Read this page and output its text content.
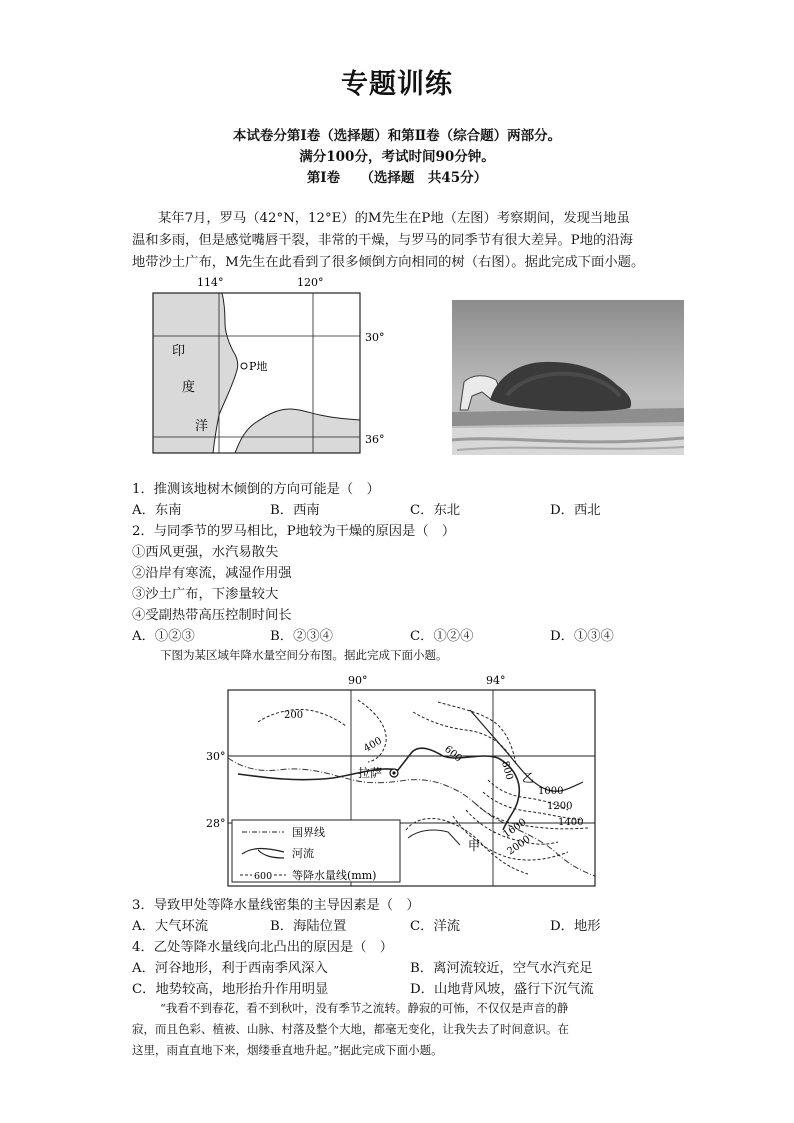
专题训练
本试卷分第Ⅰ卷（选择题）和第Ⅱ卷（综合题）两部分。
满分100分，考试时间90分钟。
第Ⅰ卷　　（选择题　共45分）
某年7月，罗马（42°N，12°E）的M先生在P地（左图）考察期间，发现当地虽
温和多雨，但是感觉嘴唇干裂，非常的干燥，与罗马的同季节有很大差异。P地的沿海
地带沙土广布，M先生在此看到了很多倾倒方向相同的树（右图）。据此完成下面小题。
114°	120°
30°
36°
印
度
洋
P地
1．推测该地树木倾倒的方向可能是（　）
A．东南	B．西南	C．东北	D．西北
2．与同季节的罗马相比，P地较为干燥的原因是（　）
①西风更强，水汽易散失
②沿岸有寒流，减湿作用强
③沙土广布，下渗量较大
④受副热带高压控制时间长
A．①②③	B．②③④	C．①②④	D．①③④
下图为某区域年降水量空间分布图。据此完成下面小题。
90°	94°
30°
28°
200
400	600
800
1000
1200
1400
1600
2000
拉萨
甲
乙
国界线
河流
600 等降水量线(mm)
3．导致甲处等降水量线密集的主导因素是（　）
A．大气环流	B．海陆位置	C．洋流	D．地形
4．乙处等降水量线向北凸出的原因是（　）
A．河谷地形，利于西南季风深入	B．离河流较近，空气水汽充足
C．地势较高，地形抬升作用明显	D．山地背风坡，盛行下沉气流
“我看不到春花，看不到秋叶，没有季节之流转。静寂的可怖，不仅仅是声音的静
寂，而且色彩、植被、山脉、村落及整个大地，都毫无变化，让我失去了时间意识。在
这里，雨直直地下来，烟缕垂直地升起。”据此完成下面小题。
